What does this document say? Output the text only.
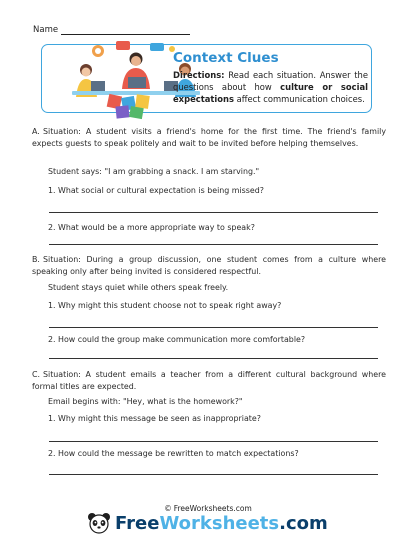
Name
Context Clues
Directions: Read each situation. Answer the questions about how culture or social expectations affect communication choices.
A. Situation: A student visits a friend's home for the first time. The friend's family expects guests to speak politely and wait to be invited before helping themselves.
Student says: "I am grabbing a snack. I am starving."
1. What social or cultural expectation is being missed?
2. What would be a more appropriate way to speak?
B. Situation: During a group discussion, one student comes from a culture where speaking only after being invited is considered respectful.
Student stays quiet while others speak freely.
1. Why might this student choose not to speak right away?
2. How could the group make communication more comfortable?
C. Situation: A student emails a teacher from a different cultural background where formal titles are expected.
Email begins with: "Hey, what is the homework?"
1. Why might this message be seen as inappropriate?
2. How could the message be rewritten to match expectations?
© FreeWorksheets.com
Free Worksheets .com
